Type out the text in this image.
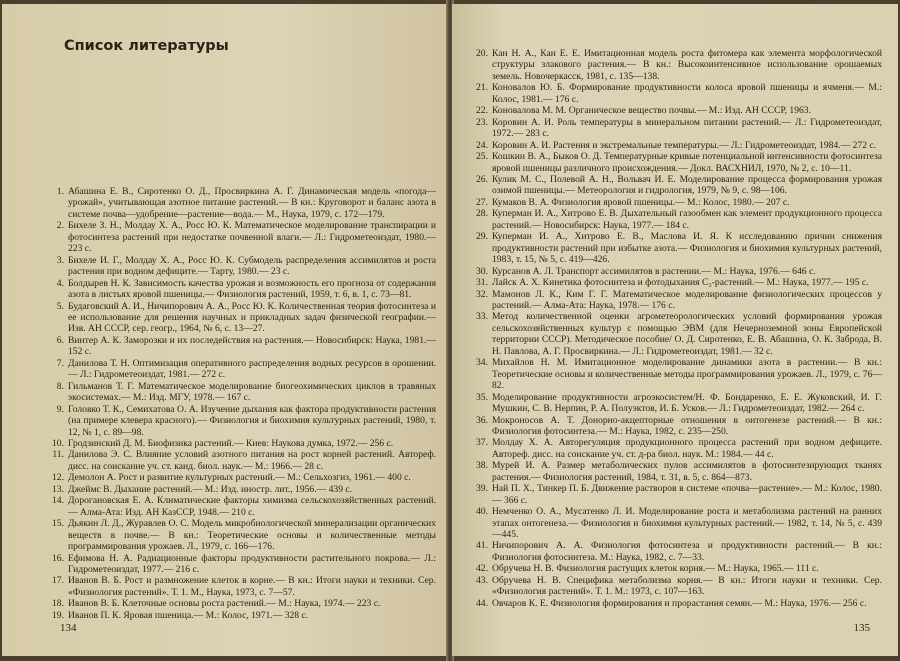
Список литературы
1. Абашина Е. В., Сиротенко О. Д., Просвиркина А. Г. Динамическая модель «погода—урожай», учитывающая азотное питание растений.— В кн.: Круговорот и баланс азота в системе почва—удобрение—растение—вода.— М., Наука, 1979, с. 172—179.
2. Бихеле З. Н., Молдау Х. А., Росс Ю. К. Математическое моделирование транспирации и фотосинтеза растений при недостатке почвенной влаги.— Л.: Гидрометеоиздат, 1980.— 223 с.
3. Бихеле И. Г., Молдау Х. А., Росс Ю. К. Субмодель распределения ассимилятов и роста растения при водном дефиците.— Тарту, 1980.— 23 с.
4. Болдырев Н. К. Зависимость качества урожая и возможность его прогноза от содержания азота в листьях яровой пшеницы.— Физиология растений, 1959, т. 6, в. 1, с. 73—81.
5. Будаговский А. И., Ничипорович А. А., Росс Ю. К. Количественная теория фотосинтеза и ее использование для решения научных и прикладных задач физической географии.— Изв. АН СССР, сер. геогр., 1964, № 6, с. 13—27.
6. Винтер А. К. Заморозки и их последействия на растения.— Новосибирск: Наука, 1981.— 152 с.
7. Данилова Т. Н. Оптимизация оперативного распределения водных ресурсов в орошении.— Л.: Гидрометеоиздат, 1981.— 272 с.
8. Гильманов Т. Г. Математическое моделирование биогеохимических циклов в травяных экосистемах.— М.: Изд. МГУ, 1978.— 167 с.
9. Головко Т. К., Семихатова О. А. Изучение дыхания как фактора продуктивности растения (на примере клевера красного).— Физиология и биохимия культурных растений, 1980, т. 12, № 1, с. 89—98.
10. Гродзинский Д. М. Биофизика растений.— Киев: Наукова думка, 1972.— 256 с.
11. Данилова Э. С. Влияние условий азотного питания на рост корней растений. Автореф. дисс. на соискание уч. ст. канд. биол. наук.— М.: 1966.— 28 с.
12. Демолон А. Рост и развитие культурных растений.— М.: Сельхозгиз, 1961.— 400 с.
13. Джеймс В. Дыхание растений.— М.: Изд. иностр. лит., 1956.— 439 с.
14. Дорогановская Е. А. Климатические факторы химизма сельскохозяйственных растений.— Алма-Ата: Изд. АН КазССР, 1948.— 210 с.
15. Дьякин Л. Д., Журавлев О. С. Модель микробиологической минерализации органических веществ в почве.— В кн.: Теоретические основы и количественные методы программирования урожаев. Л., 1979, с. 166—176.
16. Ефимова Н. А. Радиационные факторы продуктивности растительного покрова.— Л.: Гидрометеоиздат, 1977.— 216 с.
17. Иванов В. Б. Рост и размножение клеток в корне.— В кн.: Итоги науки и техники. Сер. «Физиология растений». Т. 1. М., Наука, 1973, с. 7—57.
18. Иванов В. Б. Клеточные основы роста растений.— М.: Наука, 1974.— 223 с.
19. Иванов П. К. Яровая пшеница.— М.: Колос, 1971.— 328 с.
134
20. Кан Н. А., Кан Е. Е. Имитационная модель роста фитомера как элемента морфологической структуры злакового растения.— В кн.: Высокоинтенсивное использование орошаемых земель. Новочеркасск, 1981, с. 135—138.
21. Коновалов Ю. Б. Формирование продуктивности колоса яровой пшеницы и ячменя.— М.: Колос, 1981.— 176 с.
22. Коновалова М. М. Органическое вещество почвы.— М.: Изд. АН СССР, 1963.
23. Коровин А. И. Роль температуры в минеральном питании растений.— Л.: Гидрометеоиздат, 1972.— 283 с.
24. Коровин А. И. Растения и экстремальные температуры.— Л.: Гидрометеоиздат, 1984.— 272 с.
25. Кошкин В. А., Быков О. Д. Температурные кривые потенциальной интенсивности фотосинтеза яровой пшеницы различного происхождения.— Докл. ВАСХНИЛ, 1970, № 2, с. 10—11.
26. Кулик М. С., Полевой А. Н., Вольвач И. Е. Моделирование процесса формирования урожая озимой пшеницы.— Метеорология и гидрология, 1979, № 9, с. 98—106.
27. Кумаков В. А. Физиология яровой пшеницы.— М.: Колос, 1980.— 207 с.
28. Куперман И. А., Хитрово Е. В. Дыхательный газообмен как элемент продукционного процесса растений.— Новосибирск: Наука, 1977.— 184 с.
29. Куперман И. А., Хитрово Е. В., Маслова И. Я. К исследованию причин снижения продуктивности растений при избытке азота.— Физиология и биохимия культурных растений, 1983, т. 15, № 5, с. 419—426.
30. Курсанов А. Л. Транспорт ассимилятов в растении.— М.: Наука, 1976.— 646 с.
31. Лайск А. Х. Кинетика фотосинтеза и фотодыхания С₃-растений.— М.: Наука, 1977.— 195 с.
32. Мамонов Л. К., Ким Г. Г. Математическое моделирование физиологических процессов у растений.— Алма-Ата: Наука, 1978.— 176 с.
33. Метод количественной оценки агрометеорологических условий формирования урожая сельскохозяйственных культур с помощью ЭВМ (для Нечерноземной зоны Европейской территории СССР). Методическое пособие/ О. Д. Сиротенко, Е. В. Абашина, О. К. Заброда, В. Н. Павлова, А. Г. Просвиркина.— Л.: Гидрометеоиздат, 1981.— 32 с.
34. Михайлов Н. М. Имитационное моделирование динамики азота в растении.— В кн.: Теоретические основы и количественные методы программирования урожаев. Л., 1979, с. 76—82.
35. Моделирование продуктивности агроэкосистем/Н. Ф. Бондаренко, Е. Е. Жуковский, И. Г. Мушкин, С. В. Нерпин, Р. А. Полуэктов, И. Б. Усков.— Л.: Гидрометеоиздат, 1982.— 264 с.
36. Мокроносов А. Т. Донорно-акцепторные отношения в онтогенезе растений.— В кн.: Физиология фотосинтеза.— М.: Наука, 1982, с. 235—250.
37. Молдау Х. А. Авторегуляция продукционного процесса растений при водном дефиците. Автореф. дисс. на соискание уч. ст. д-ра биол. наук. М.: 1984.— 44 с.
38. Мурей И. А. Размер метаболических пулов ассимилятов в фотосинтезирующих тканях растения.— Физиология растений, 1984, т. 31, в. 5, с. 864—873.
39. Най П. Х., Тинкер П. Б. Движение растворов в системе «почва—растение».— М.: Колос, 1980.— 366 с.
40. Немченко О. А., Мусатенко Л. И. Моделирование роста и метаболизма растений на ранних этапах онтогенеза.— Физиология и биохимия культурных растений.— 1982, т. 14, № 5, с. 439—445.
41. Ничипорович А. А. Физиология фотосинтеза и продуктивности растений.— В кн.: Физиология фотосинтеза. М.: Наука, 1982, с. 7—33.
42. Обручева Н. В. Физиология растущих клеток корня.— М.: Наука, 1965.— 111 с.
43. Обручева Н. В. Специфика метаболизма корня.— В кн.: Итоги науки и техники. Сер. «Физиология растений». Т. 1. М.: 1973, с. 107—163.
44. Овчаров К. Е. Физиология формирования и прорастания семян.— М.: Наука, 1976.— 256 с.
135
